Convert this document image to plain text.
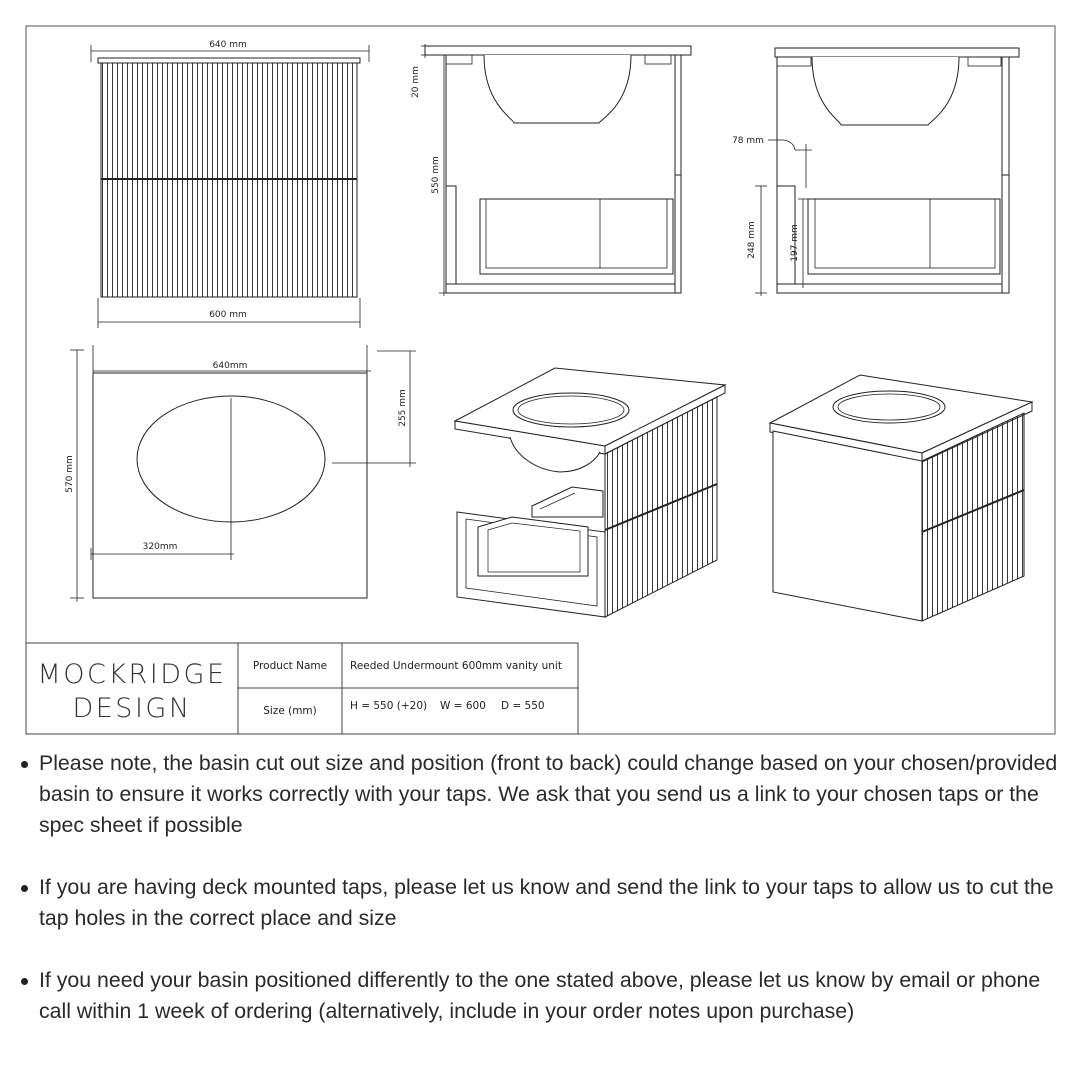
640 mm
600 mm
20 mm
550 mm
78 mm
248 mm	197 mm
640mm
570 mm
255 mm
320mm
MOCKRIDGE
DESIGN
Product Name Reeded Undermount 600mm vanity unit
Size (mm)	H = 550 (+20) W = 600 D = 550
Please note, the basin cut out size and position (front to back) could change based on your chosen/provided basin to ensure it works correctly with your taps. We ask that you send us a link to your chosen taps or the spec sheet if possible
If you are having deck mounted taps, please let us know and send the link to your taps to allow us to cut the tap holes in the correct place and size
If you need your basin positioned differently to the one stated above, please let us know by email or phone call within 1 week of ordering (alternatively, include in your order notes upon purchase)
